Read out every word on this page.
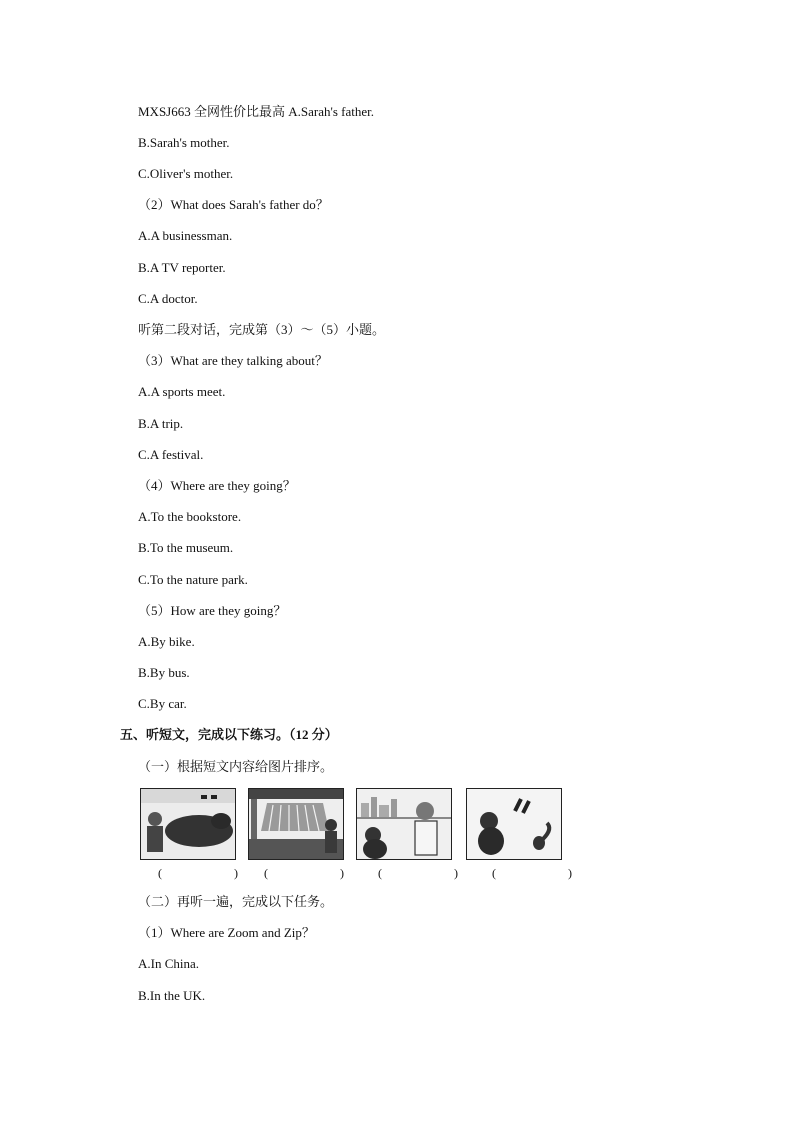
MXSJ663 全网性价比最高 A.Sarah's father.
B.Sarah's mother.
C.Oliver's mother.
（2）What does Sarah's father do？
A.A businessman.
B.A TV reporter.
C.A doctor.
听第二段对话，完成第（3）～（5）小题。
（3）What are they talking about？
A.A sports meet.
B.A trip.
C.A festival.
（4）Where are they going？
A.To the bookstore.
B.To the museum.
C.To the nature park.
（5）How are they going？
A.By bike.
B.By bus.
C.By car.
五、听短文，完成以下练习。（12 分）
（一）根据短文内容给图片排序。
(	) (	)	(	)	(	)
（二）再听一遍，完成以下任务。
（1）Where are Zoom and Zip？
A.In China.
B.In the UK.
